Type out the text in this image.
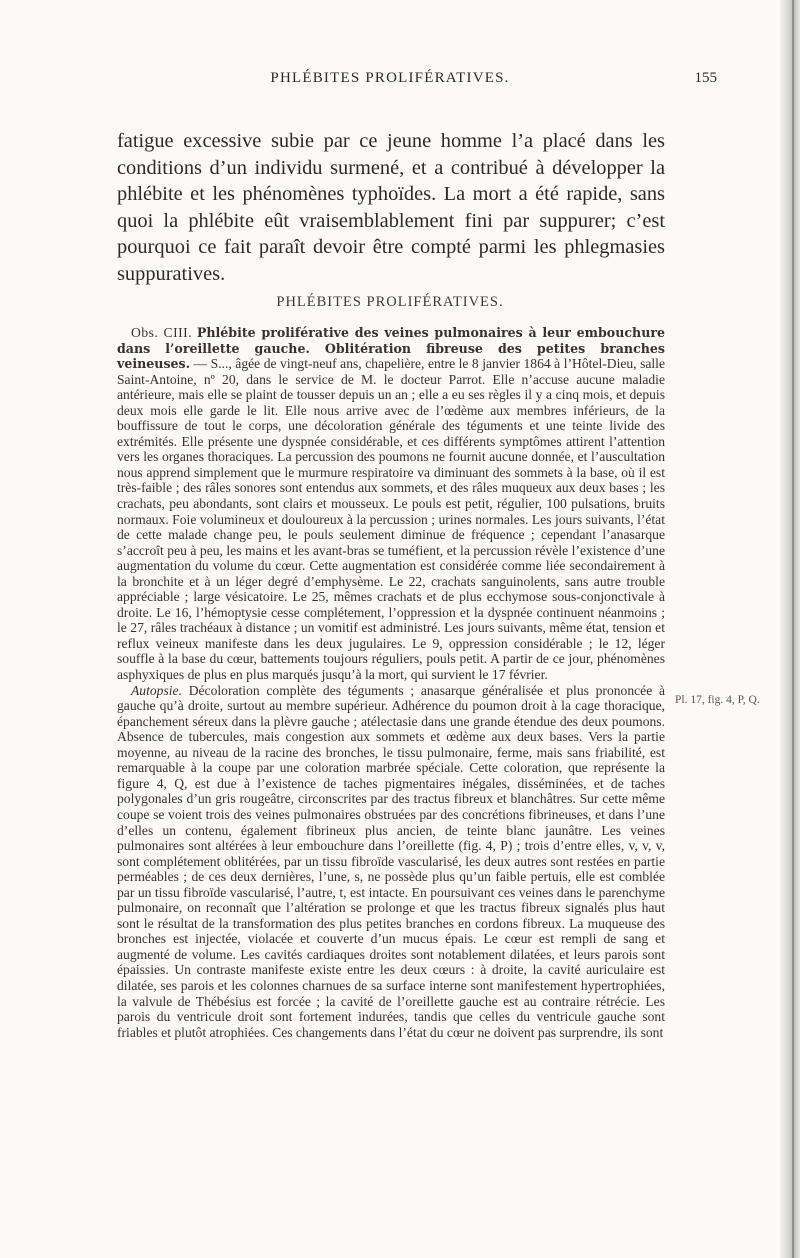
PHLÉBITES PROLIFÉRATIVES.	155

fatigue excessive subie par ce jeune homme l’a placé dans les conditions d’un individu surmené, et a contribué à développer la phlébite et les phénomènes typhoïdes. La mort a été rapide, sans quoi la phlébite eût vraisemblablement fini par suppurer; c’est pourquoi ce fait paraît devoir être compté parmi les phlegmasies suppuratives.

PHLÉBITES PROLIFÉRATIVES.

Obs. CIII. Phlébite proliférative des veines pulmonaires à leur embouchure dans l’oreillette gauche. Oblitération fibreuse des petites branches veineuses. — S..., âgée de vingt-neuf ans, chapelière, entre le 8 janvier 1864 à l’Hôtel-Dieu, salle Saint-Antoine, nº 20, dans le service de M. le docteur Parrot. Elle n’accuse aucune maladie antérieure, mais elle se plaint de tousser depuis un an ; elle a eu ses règles il y a cinq mois, et depuis deux mois elle garde le lit. Elle nous arrive avec de l’œdème aux membres inférieurs, de la bouffissure de tout le corps, une décoloration générale des téguments et une teinte livide des extrémités. Elle présente une dyspnée considérable, et ces différents symptômes attirent l’attention vers les organes thoraciques. La percussion des poumons ne fournit aucune donnée, et l’auscultation nous apprend simplement que le murmure respiratoire va diminuant des sommets à la base, où il est très-faible ; des râles sonores sont entendus aux sommets, et des râles muqueux aux deux bases ; les crachats, peu abondants, sont clairs et mousseux. Le pouls est petit, régulier, 100 pulsations, bruits normaux. Foie volumineux et douloureux à la percussion ; urines normales. Les jours suivants, l’état de cette malade change peu, le pouls seulement diminue de fréquence ; cependant l’anasarque s’accroît peu à peu, les mains et les avant-bras se tuméfient, et la percussion révèle l’existence d’une augmentation du volume du cœur. Cette augmentation est considérée comme liée secondairement à la bronchite et à un léger degré d’emphysème. Le 22, crachats sanguinolents, sans autre trouble appréciable ; large vésicatoire. Le 25, mêmes crachats et de plus ecchymose sous-conjonctivale à droite. Le 16, l’hémoptysie cesse complétement, l’oppression et la dyspnée continuent néanmoins ; le 27, râles trachéaux à distance ; un vomitif est administré. Les jours suivants, même état, tension et reflux veineux manifeste dans les deux jugulaires. Le 9, oppression considérable ; le 12, léger souffle à la base du cœur, battements toujours réguliers, pouls petit. A partir de ce jour, phénomènes asphyxiques de plus en plus marqués jusqu’à la mort, qui survient le 17 février.

Autopsie. Décoloration complète des téguments ; anasarque généralisée et plus prononcée à gauche qu’à droite, surtout au membre supérieur. Adhérence du poumon droit à la cage thoracique, épanchement séreux dans la plèvre gauche ; atélectasie dans une grande étendue des deux poumons. Absence de tubercules, mais congestion aux sommets et œdème aux deux bases. Vers la partie moyenne, au niveau de la racine des bronches, le tissu pulmonaire, ferme, mais sans friabilité, est remarquable à la coupe par une coloration marbrée spéciale. Cette coloration, que représente la figure 4, Q, est due à l’existence de taches pigmentaires inégales, disséminées, et de taches polygonales d’un gris rougeâtre, circonscrites par des tractus fibreux et blanchâtres. Sur cette même coupe se voient trois des veines pulmonaires obstruées par des concrétions fibrineuses, et dans l’une d’elles un contenu, également fibrineux plus ancien, de teinte blanc jaunâtre. Les veines pulmonaires sont altérées à leur embouchure dans l’oreillette (fig. 4, P) ; trois d’entre elles, v, v, v, sont complétement oblitérées, par un tissu fibroïde vascularisé, les deux autres sont restées en partie perméables ; de ces deux dernières, l’une, s, ne possède plus qu’un faible pertuis, elle est comblée par un tissu fibroïde vascularisé, l’autre, t, est intacte. En poursuivant ces veines dans le parenchyme pulmonaire, on reconnaît que l’altération se prolonge et que les tractus fibreux signalés plus haut sont le résultat de la transformation des plus petites branches en cordons fibreux. La muqueuse des bronches est injectée, violacée et couverte d’un mucus épais. Le cœur est rempli de sang et augmenté de volume. Les cavités cardiaques droites sont notablement dilatées, et leurs parois sont épaissies. Un contraste manifeste existe entre les deux cœurs : à droite, la cavité auriculaire est dilatée, ses parois et les colonnes charnues de sa surface interne sont manifestement hypertrophiées, la valvule de Thébésius est forcée ; la cavité de l’oreillette gauche est au contraire rétrécie. Les parois du ventricule droit sont fortement indurées, tandis que celles du ventricule gauche sont friables et plutôt atrophiées. Ces changements dans l’état du cœur ne doivent pas surprendre, ils sont

Pl. 17, fig. 4, P, Q.
